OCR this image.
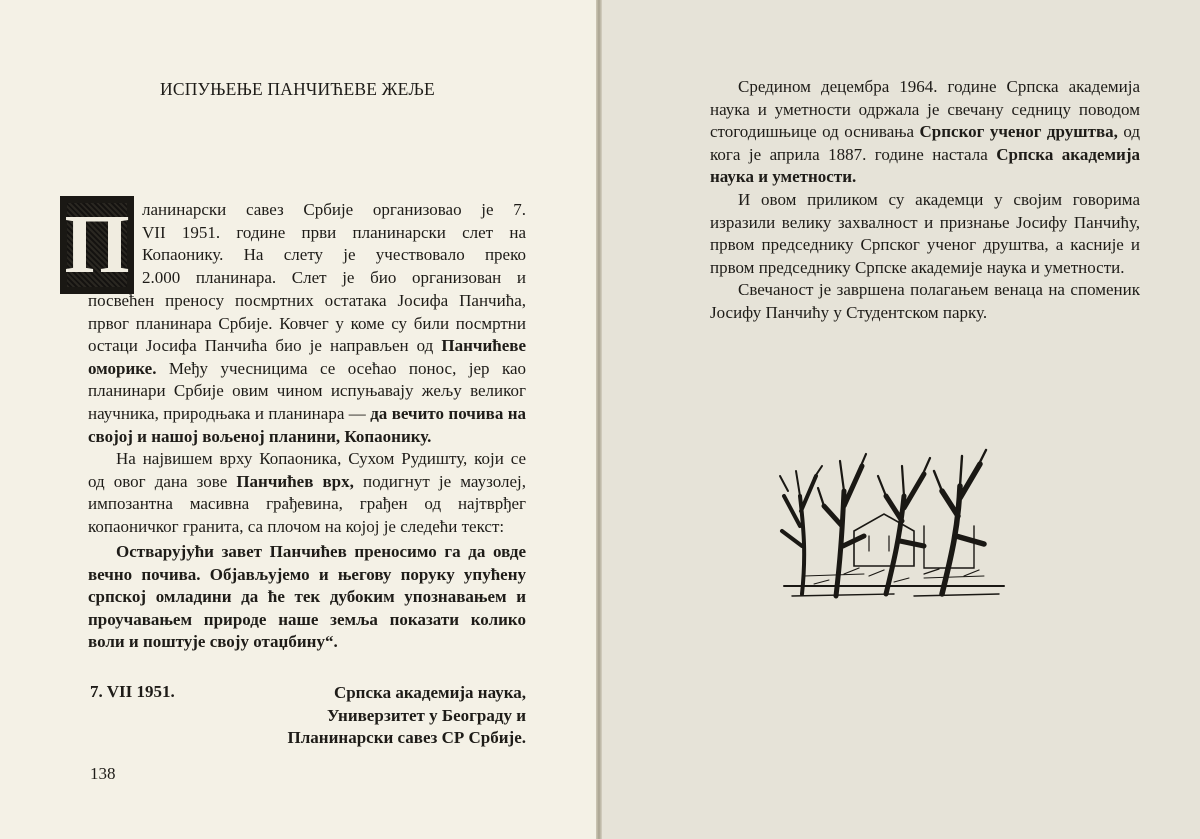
ИСПУЊЕЊЕ ПАНЧИЋЕВЕ ЖЕЉЕ
П ланинарски савез Србије организовао је 7.

VII 1951. године први планинарски слет на

Копаонику. На слету је учествовало преко

2.000 планинара. Слет је био организован и

посвећен преносу посмртних остатака Јосифа Панчића, првог планинара Србије. Ковчег у коме су били посмртни остаци Јосифа Панчића био је направљен од Панчићеве оморике. Међу учесницима се осећао понос, јер као планинари Србије овим чином испуњавају жељу великог научника, природњака и планинара — да вечито почива на својој и нашој вољеној планини, Копаонику.

На највишем врху Копаоника, Сухом Рудишту, који се од овог дана зове Панчићев врх, подигнут је маузолеј, импозантна масивна грађевина, грађен од најтврђег копаоничког гранита, са плочом на којој је следећи текст:

Остварујући завет Панчићев преносимо га да овде вечно почива. Објављујемо и његову поруку упућену српској омладини да ће тек дубоким упознавањем и проучавањем природе наше земља показати колико воли и поштује своју отаџбину“.

7. VII 1951.	Српска академија наука,
Универзитет у Београду и
Планинарски савез СР Србије.
138

Средином децембра 1964. године Српска академија наука и уметности одржала је свечану седницу поводом стогодишњице од оснивања Српског ученог друштва, од кога је априла 1887. године настала Српска академија наука и уметности.

И овом приликом су академци у својим говорима изразили велику захвалност и признање Јосифу Панчићу, првом председнику Српског ученог друштва, а касније и првом председнику Српске академије наука и уметности.

Свечаност је завршена полагањем венаца на споменик Јосифу Панчићу у Студентском парку.
